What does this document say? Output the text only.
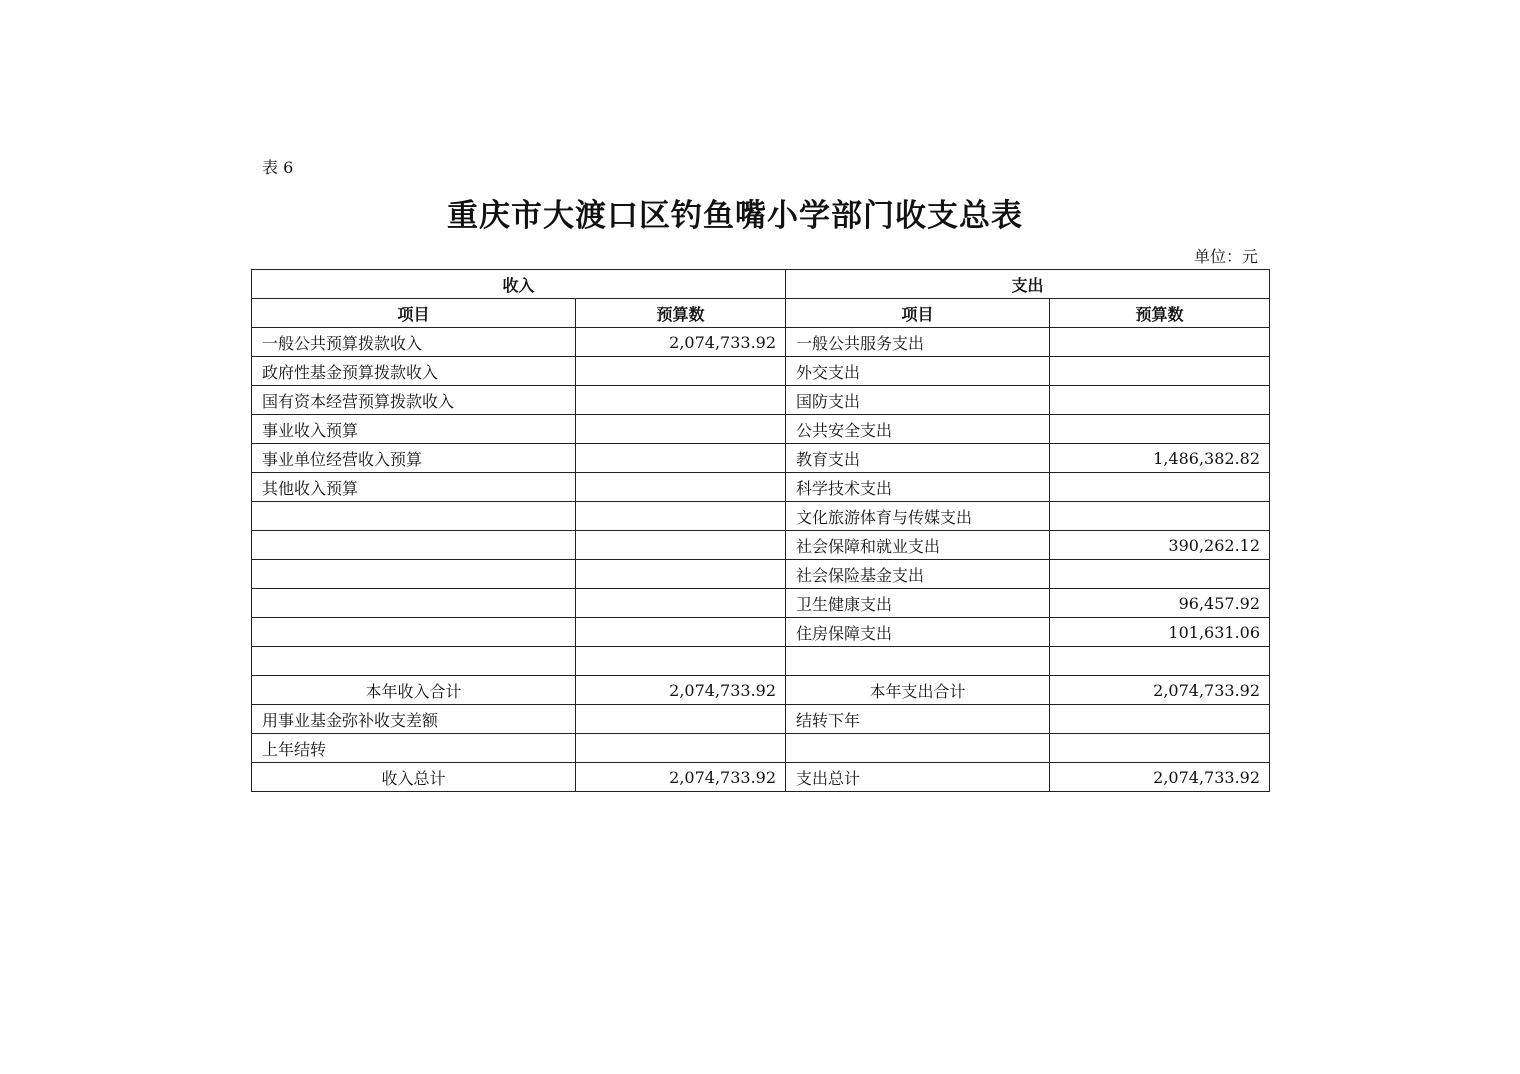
表 6
重庆市大渡口区钓鱼嘴小学部门收支总表
单位：元
收入		支出	
项目	预算数	项目	预算数
一般公共预算拨款收入	2,074,733.92	一般公共服务支出	
政府性基金预算拨款收入		外交支出	
国有资本经营预算拨款收入		国防支出	
事业收入预算		公共安全支出	
事业单位经营收入预算		教育支出	1,486,382.82
其他收入预算		科学技术支出	
		文化旅游体育与传媒支出	
		社会保障和就业支出	390,262.12
		社会保险基金支出	
		卫生健康支出	96,457.92
		住房保障支出	101,631.06

本年收入合计	2,074,733.92	本年支出合计	2,074,733.92
用事业基金弥补收支差额		结转下年	
上年结转			
收入总计	2,074,733.92	支出总计	2,074,733.92
